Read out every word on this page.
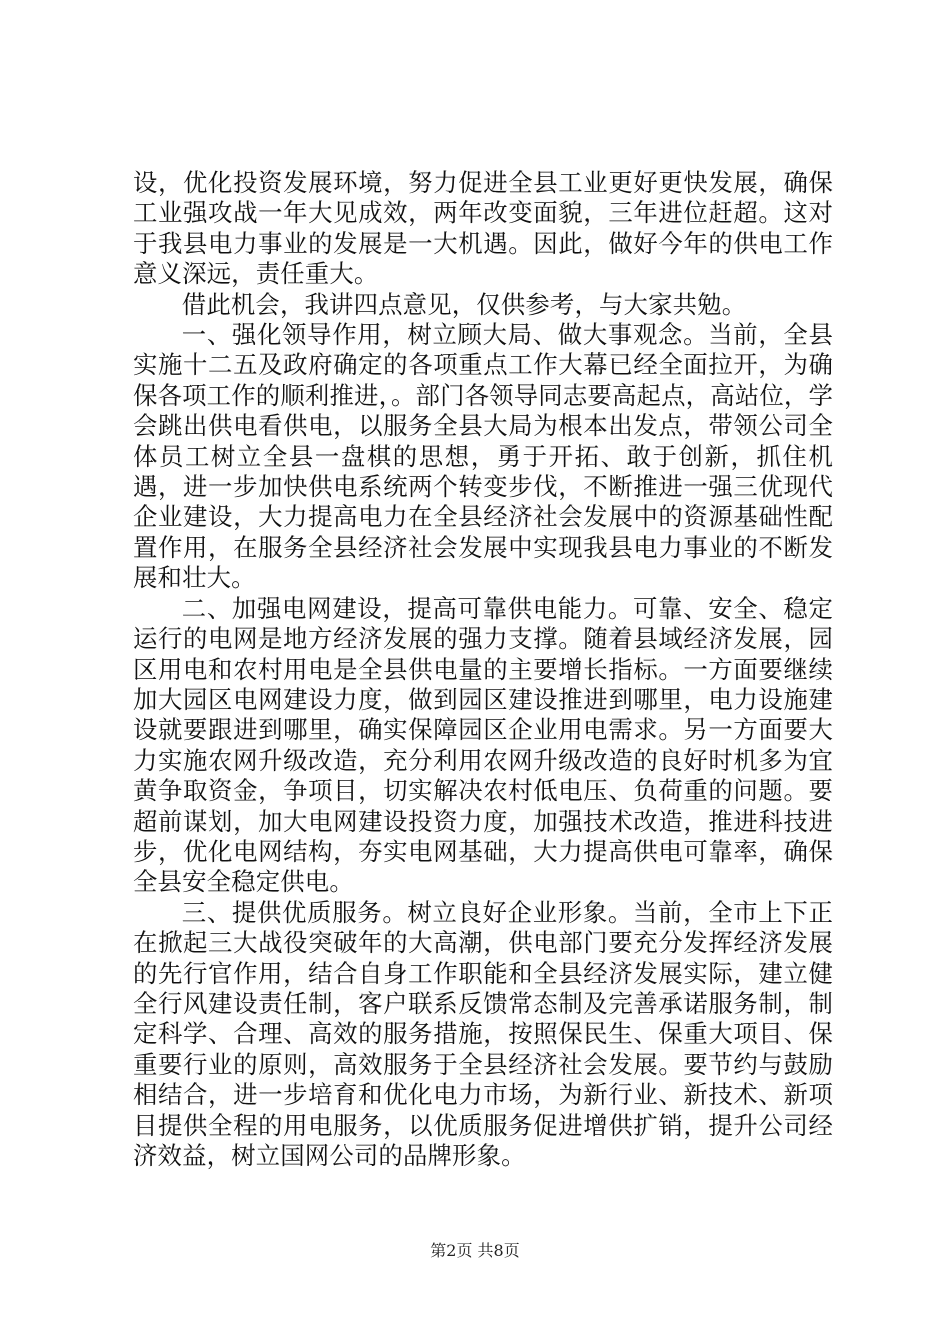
设，优化投资发展环境，努力促进全县工业更好更快发展，确保工业强攻战一年大见成效，两年改变面貌，三年进位赶超。这对于我县电力事业的发展是一大机遇。因此，做好今年的供电工作意义深远，责任重大。

借此机会，我讲四点意见，仅供参考，与大家共勉。

一、强化领导作用，树立顾大局、做大事观念。当前，全县实施十二五及政府确定的各项重点工作大幕已经全面拉开，为确保各项工作的顺利推进，。部门各领导同志要高起点，高站位，学会跳出供电看供电，以服务全县大局为根本出发点，带领公司全体员工树立全县一盘棋的思想，勇于开拓、敢于创新，抓住机遇，进一步加快供电系统两个转变步伐，不断推进一强三优现代企业建设，大力提高电力在全县经济社会发展中的资源基础性配置作用，在服务全县经济社会发展中实现我县电力事业的不断发展和壮大。

二、加强电网建设，提高可靠供电能力。可靠、安全、稳定运行的电网是地方经济发展的强力支撑。随着县域经济发展，园区用电和农村用电是全县供电量的主要增长指标。一方面要继续加大园区电网建设力度，做到园区建设推进到哪里，电力设施建设就要跟进到哪里，确实保障园区企业用电需求。另一方面要大力实施农网升级改造，充分利用农网升级改造的良好时机多为宜黄争取资金，争项目，切实解决农村低电压、负荷重的问题。要超前谋划，加大电网建设投资力度，加强技术改造，推进科技进步，优化电网结构，夯实电网基础，大力提高供电可靠率，确保全县安全稳定供电。

三、提供优质服务。树立良好企业形象。当前，全市上下正在掀起三大战役突破年的大高潮，供电部门要充分发挥经济发展的先行官作用，结合自身工作职能和全县经济发展实际，建立健全行风建设责任制，客户联系反馈常态制及完善承诺服务制，制定科学、合理、高效的服务措施，按照保民生、保重大项目、保重要行业的原则，高效服务于全县经济社会发展。要节约与鼓励相结合，进一步培育和优化电力市场，为新行业、新技术、新项目提供全程的用电服务，以优质服务促进增供扩销，提升公司经济效益，树立国网公司的品牌形象。

第2页 共8页
